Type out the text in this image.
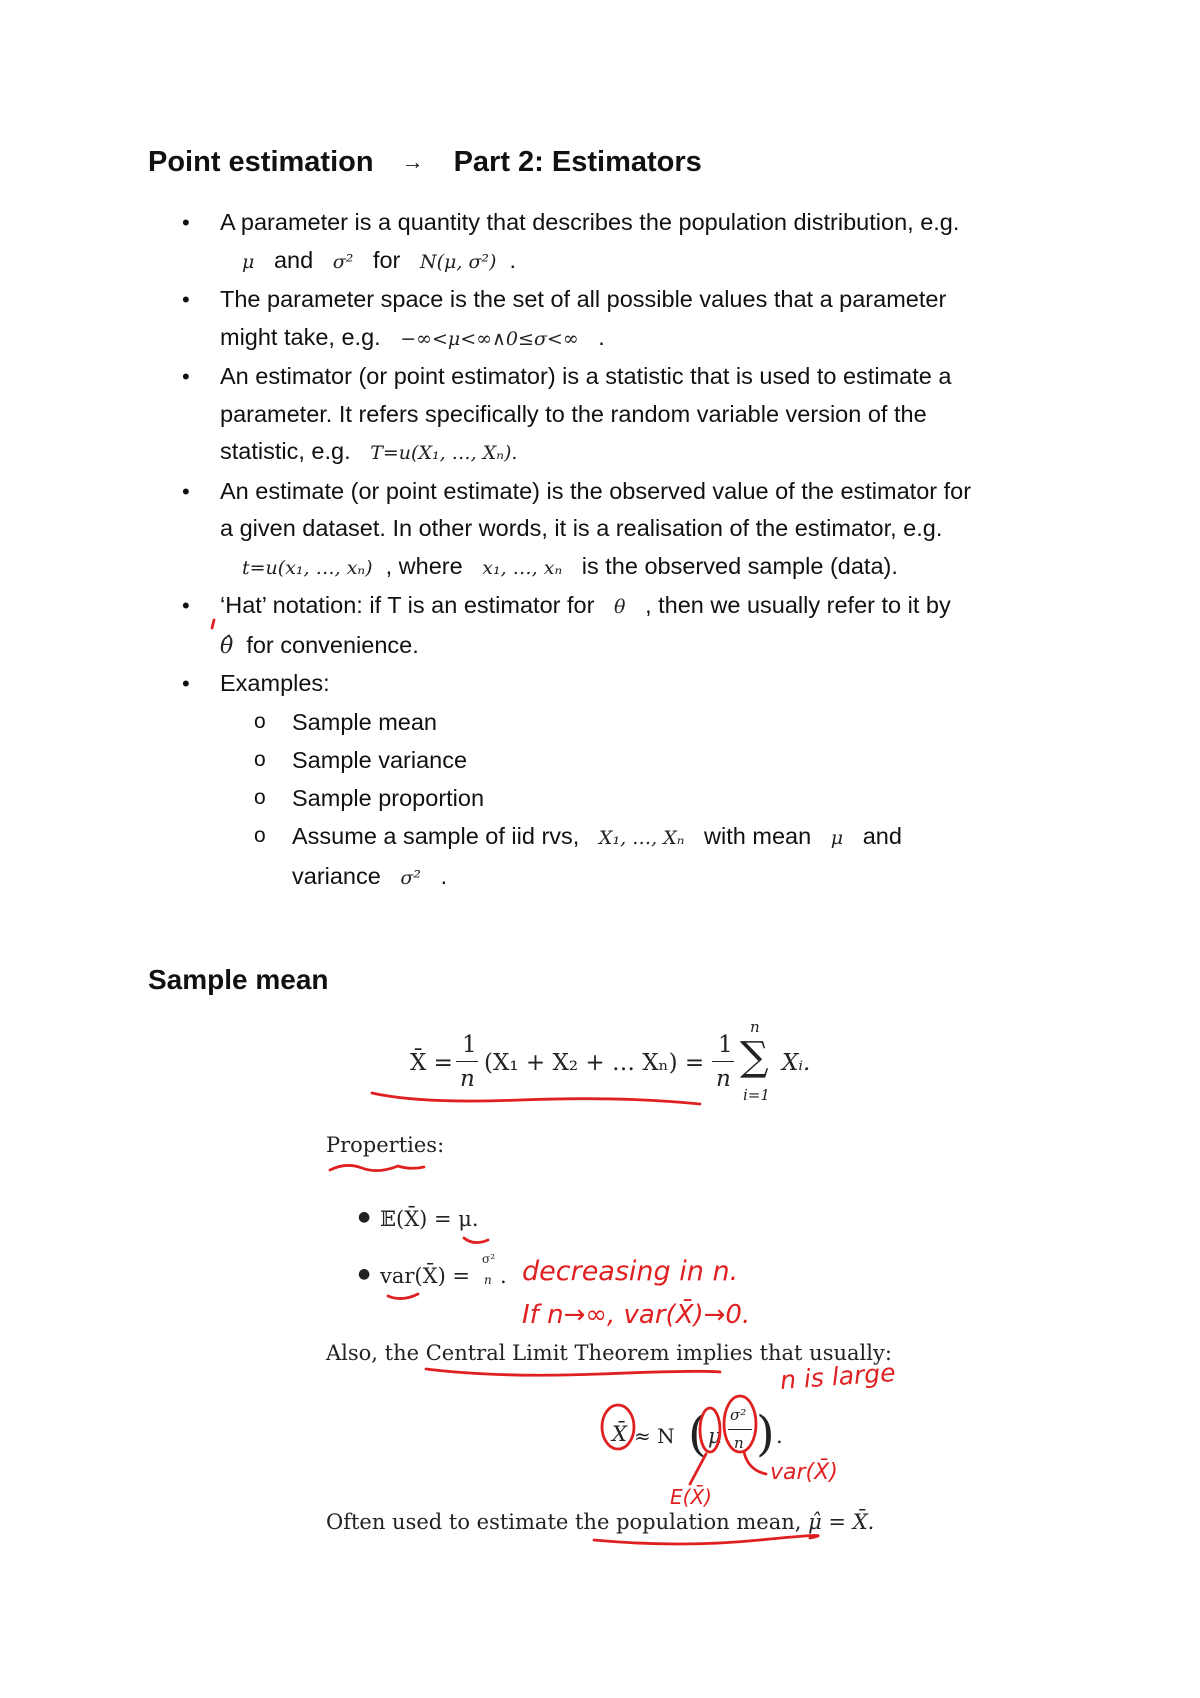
Point estimation → Part 2: Estimators
• A parameter is a quantity that describes the population distribution, e.g.
μ and σ² for N(μ, σ²) .
• The parameter space is the set of all possible values that a parameter
might take, e.g. −∞<μ<∞∧0≤σ<∞ .
• An estimator (or point estimator) is a statistic that is used to estimate a
parameter. It refers specifically to the random variable version of the
statistic, e.g. T=u(X₁, …, Xₙ).
• An estimate (or point estimate) is the observed value of the estimator for
a given dataset. In other words, it is a realisation of the estimator, e.g.
t=u(x₁, …, xₙ) , where x₁, …, xₙ is the observed sample (data).
• ‘Hat’ notation: if T is an estimator for θ , then we usually refer to it by
θ̂ for convenience.
• Examples:
o Sample mean
o Sample variance
o Sample proportion
o Assume a sample of iid rvs, X₁, …, Xₙ with mean μ and
variance σ² .
Sample mean
X̄ =
1
n
(X₁ + X₂ + … Xₙ) =
1
n
n
∑
i=1
Xᵢ.
Properties:
● 𝔼(X̄) = μ.
● var(X̄) =
σ²
n .
Also, the Central Limit Theorem implies that usually:
X̄ ≈ N ( μ
σ²
n ) .
Often used to estimate the population mean, μ̂ = X̄.
decreasing in n.
If n→∞, var(X̄)→0.
n is large
E(X̄)
var(X̄)
